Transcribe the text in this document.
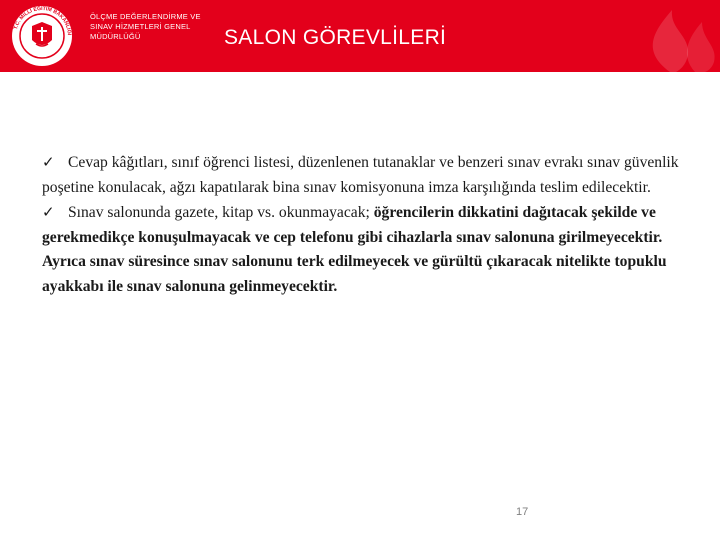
T.C. MİLLÎ EĞİTİM BAKANLIĞI
ÖLÇME DEĞERLENDİRME VE
SINAV HİZMETLERİ GENEL
MÜDÜRLÜĞÜ	SALON GÖREVLİLERİ

✓ Cevap kâğıtları, sınıf öğrenci listesi, düzenlenen tutanaklar ve benzeri sınav evrakı sınav güvenlik poşetine konulacak, ağzı kapatılarak bina sınav komisyonuna imza karşılığında teslim edilecektir.

✓ Sınav salonunda gazete, kitap vs. okunmayacak; öğrencilerin dikkatini dağıtacak şekilde ve gerekmedikçe konuşulmayacak ve cep telefonu gibi cihazlarla sınav salonuna girilmeyecektir. Ayrıca sınav süresince sınav salonunu terk edilmeyecek ve gürültü çıkaracak nitelikte topuklu ayakkabı ile sınav salonuna gelinmeyecektir.

17
